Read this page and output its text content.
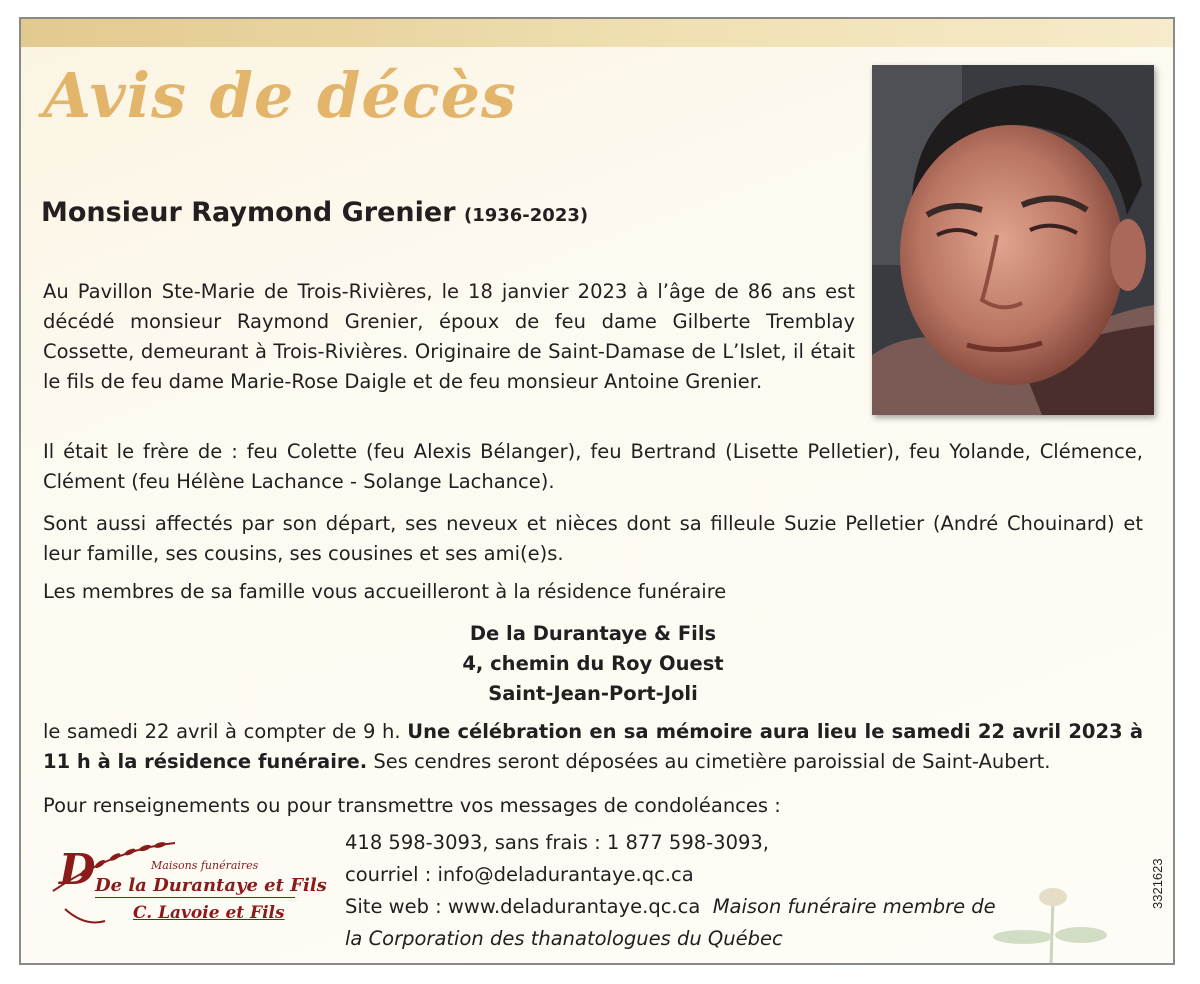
Avis de décès
Monsieur Raymond Grenier (1936-2023)
Au Pavillon Ste-Marie de Trois-Rivières, le 18 janvier 2023 à l’âge de 86 ans est décédé monsieur Raymond Grenier, époux de feu dame Gilberte Tremblay Cossette, demeurant à Trois-Rivières. Originaire de Saint-Damase de L’Islet, il était le fils de feu dame Marie-Rose Daigle et de feu monsieur Antoine Grenier.
Il était le frère de : feu Colette (feu Alexis Bélanger), feu Bertrand (Lisette Pelletier), feu Yolande, Clémence, Clément (feu Hélène Lachance - Solange Lachance).
Sont aussi affectés par son départ, ses neveux et nièces dont sa filleule Suzie Pelletier (André Chouinard) et leur famille, ses cousins, ses cousines et ses ami(e)s.
Les membres de sa famille vous accueilleront à la résidence funéraire
De la Durantaye & Fils
4, chemin du Roy Ouest
Saint-Jean-Port-Joli
le samedi 22 avril à compter de 9 h. Une célébration en sa mémoire aura lieu le samedi 22 avril 2023 à 11 h à la résidence funéraire. Ses cendres seront déposées au cimetière paroissial de Saint-Aubert.
Pour renseignements ou pour transmettre vos messages de condoléances :
D	Maisons funéraires
De la Durantaye et Fils
C. Lavoie et Fils
418 598-3093, sans frais : 1 877 598-3093,
courriel : info@deladurantaye.qc.ca
Site web : www.deladurantaye.qc.ca Maison funéraire membre de
la Corporation des thanatologues du Québec
3321623
